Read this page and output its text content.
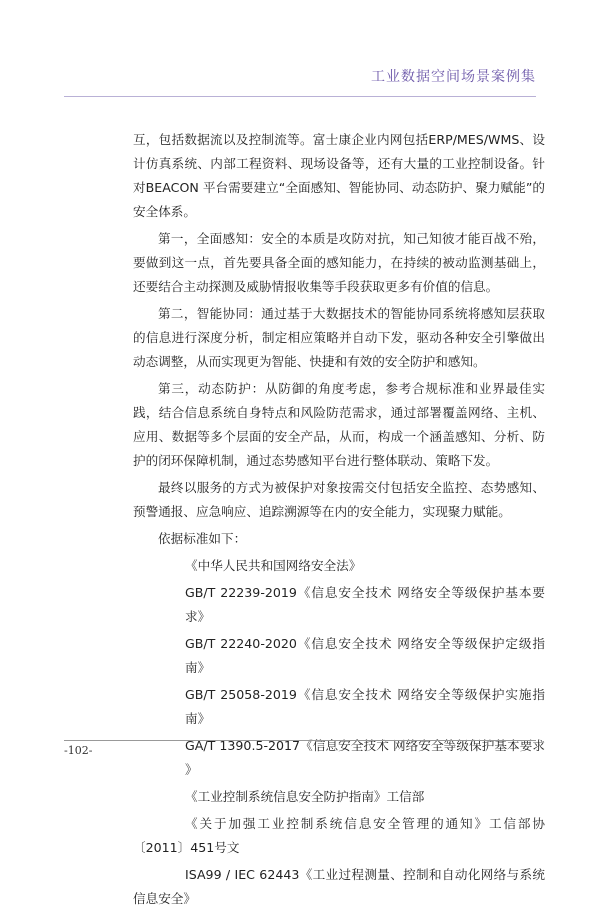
工业数据空间场景案例集

互，包括数据流以及控制流等。富士康企业内网包括ERP/MES/WMS、设计仿真系统、内部工程资料、现场设备等，还有大量的工业控制设备。针对BEACON 平台需要建立“全面感知、智能协同、动态防护、聚力赋能”的安全体系。

第一，全面感知：安全的本质是攻防对抗，知己知彼才能百战不殆，要做到这一点，首先要具备全面的感知能力，在持续的被动监测基础上，还要结合主动探测及威胁情报收集等手段获取更多有价值的信息。

第二，智能协同：通过基于大数据技术的智能协同系统将感知层获取的信息进行深度分析，制定相应策略并自动下发，驱动各种安全引擎做出动态调整，从而实现更为智能、快捷和有效的安全防护和感知。

第三，动态防护：从防御的角度考虑，参考合规标准和业界最佳实践，结合信息系统自身特点和风险防范需求，通过部署覆盖网络、主机、应用、数据等多个层面的安全产品，从而，构成一个涵盖感知、分析、防护的闭环保障机制，通过态势感知平台进行整体联动、策略下发。

最终以服务的方式为被保护对象按需交付包括安全监控、态势感知、预警通报、应急响应、追踪溯源等在内的安全能力，实现聚力赋能。

依据标准如下：

《中华人民共和国网络安全法》

GB/T 22239-2019《信息安全技术 网络安全等级保护基本要求》

GB/T 22240-2020《信息安全技术 网络安全等级保护定级指南》

GB/T 25058-2019《信息安全技术 网络安全等级保护实施指南》

GA/T 1390.5-2017《信息安全技术 网络安全等级保护基本要求 》

《工业控制系统信息安全防护指南》工信部

《关于加强工业控制系统信息安全管理的通知》工信部协〔2011〕451号文

ISA99 / IEC 62443《工业过程测量、控制和自动化网络与系统信息安全》

-102-
